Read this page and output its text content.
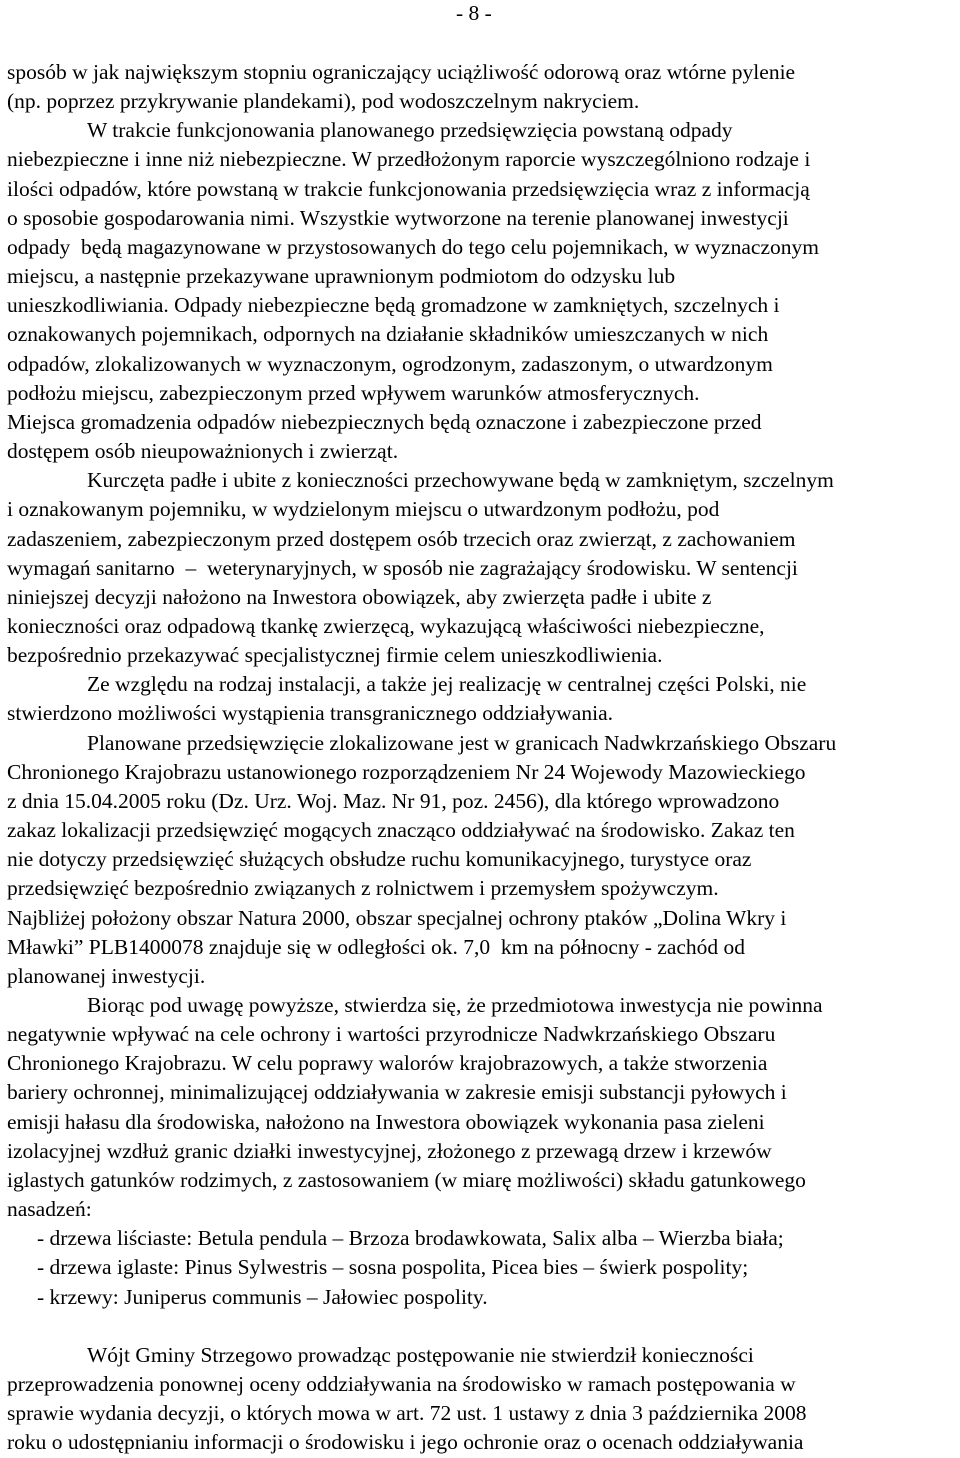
- 8 -
sposób w jak największym stopniu ograniczający uciążliwość odorową oraz wtórne pylenie
(np. poprzez przykrywanie plandekami), pod wodoszczelnym nakryciem.
W trakcie funkcjonowania planowanego przedsięwzięcia powstaną odpady
niebezpieczne i inne niż niebezpieczne. W przedłożonym raporcie wyszczególniono rodzaje i
ilości odpadów, które powstaną w trakcie funkcjonowania przedsięwzięcia wraz z informacją
o sposobie gospodarowania nimi. Wszystkie wytworzone na terenie planowanej inwestycji
odpady  będą magazynowane w przystosowanych do tego celu pojemnikach, w wyznaczonym
miejscu, a następnie przekazywane uprawnionym podmiotom do odzysku lub
unieszkodliwiania. Odpady niebezpieczne będą gromadzone w zamkniętych, szczelnych i
oznakowanych pojemnikach, odpornych na działanie składników umieszczanych w nich
odpadów, zlokalizowanych w wyznaczonym, ogrodzonym, zadaszonym, o utwardzonym
podłożu miejscu, zabezpieczonym przed wpływem warunków atmosferycznych.
Miejsca gromadzenia odpadów niebezpiecznych będą oznaczone i zabezpieczone przed
dostępem osób nieupoważnionych i zwierząt.
Kurczęta padłe i ubite z konieczności przechowywane będą w zamkniętym, szczelnym
i oznakowanym pojemniku, w wydzielonym miejscu o utwardzonym podłożu, pod
zadaszeniem, zabezpieczonym przed dostępem osób trzecich oraz zwierząt, z zachowaniem
wymagań sanitarno  –  weterynaryjnych, w sposób nie zagrażający środowisku. W sentencji
niniejszej decyzji nałożono na Inwestora obowiązek, aby zwierzęta padłe i ubite z
konieczności oraz odpadową tkankę zwierzęcą, wykazującą właściwości niebezpieczne,
bezpośrednio przekazywać specjalistycznej firmie celem unieszkodliwienia.
Ze względu na rodzaj instalacji, a także jej realizację w centralnej części Polski, nie
stwierdzono możliwości wystąpienia transgranicznego oddziaływania.
Planowane przedsięwzięcie zlokalizowane jest w granicach Nadwkrzańskiego Obszaru
Chronionego Krajobrazu ustanowionego rozporządzeniem Nr 24 Wojewody Mazowieckiego
z dnia 15.04.2005 roku (Dz. Urz. Woj. Maz. Nr 91, poz. 2456), dla którego wprowadzono
zakaz lokalizacji przedsięwzięć mogących znacząco oddziaływać na środowisko. Zakaz ten
nie dotyczy przedsięwzięć służących obsłudze ruchu komunikacyjnego, turystyce oraz
przedsięwzięć bezpośrednio związanych z rolnictwem i przemysłem spożywczym.
Najbliżej położony obszar Natura 2000, obszar specjalnej ochrony ptaków „Dolina Wkry i
Mławki” PLB1400078 znajduje się w odległości ok. 7,0  km na północny - zachód od
planowanej inwestycji.
Biorąc pod uwagę powyższe, stwierdza się, że przedmiotowa inwestycja nie powinna
negatywnie wpływać na cele ochrony i wartości przyrodnicze Nadwkrzańskiego Obszaru
Chronionego Krajobrazu. W celu poprawy walorów krajobrazowych, a także stworzenia
bariery ochronnej, minimalizującej oddziaływania w zakresie emisji substancji pyłowych i
emisji hałasu dla środowiska, nałożono na Inwestora obowiązek wykonania pasa zieleni
izolacyjnej wzdłuż granic działki inwestycyjnej, złożonego z przewagą drzew i krzewów
iglastych gatunków rodzimych, z zastosowaniem (w miarę możliwości) składu gatunkowego
nasadzeń:
- drzewa liściaste: Betula pendula – Brzoza brodawkowata, Salix alba – Wierzba biała;
- drzewa iglaste: Pinus Sylwestris – sosna pospolita, Picea bies – świerk pospolity;
- krzewy: Juniperus communis – Jałowiec pospolity.
Wójt Gminy Strzegowo prowadząc postępowanie nie stwierdził konieczności
przeprowadzenia ponownej oceny oddziaływania na środowisko w ramach postępowania w
sprawie wydania decyzji, o których mowa w art. 72 ust. 1 ustawy z dnia 3 października 2008
roku o udostępnianiu informacji o środowisku i jego ochronie oraz o ocenach oddziaływania
